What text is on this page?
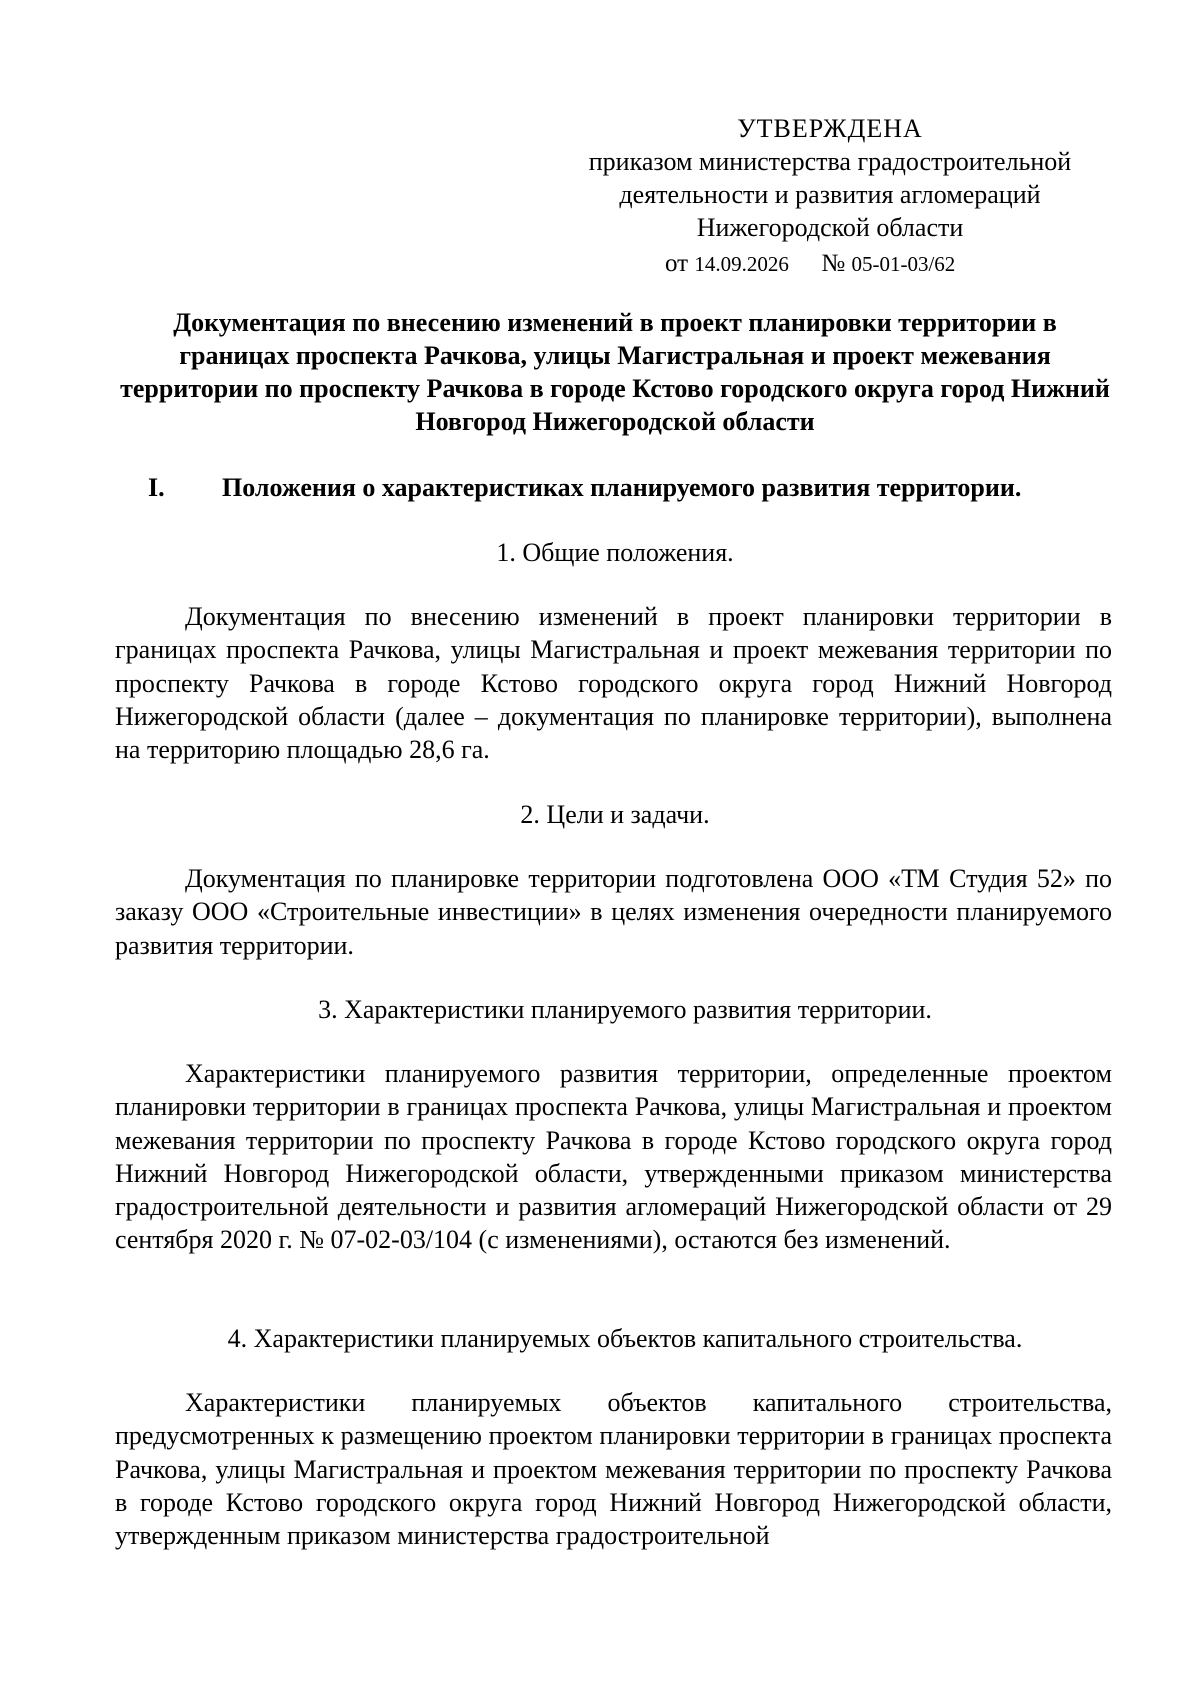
УТВЕРЖДЕНА
приказом министерства градостроительной
деятельности и развития агломераций
Нижегородской области
от 14.09.2026 № 05-01-03/62
Документация по внесению изменений в проект планировки территории в границах проспекта Рачкова, улицы Магистральная и проект межевания территории по проспекту Рачкова в городе Кстово городского округа город Нижний Новгород Нижегородской области
I. Положения о характеристиках планируемого развития территории.
1. Общие положения.

Документация по внесению изменений в проект планировки территории в границах проспекта Рачкова, улицы Магистральная и проект межевания территории по проспекту Рачкова в городе Кстово городского округа город Нижний Новгород Нижегородской области (далее – документация по планировке территории), выполнена на территорию площадью 28,6 га.

2. Цели и задачи.

Документация по планировке территории подготовлена ООО «ТМ Студия 52» по заказу ООО «Строительные инвестиции» в целях изменения очередности планируемого развития территории.

3. Характеристики планируемого развития территории.

Характеристики планируемого развития территории, определенные проектом планировки территории в границах проспекта Рачкова, улицы Магистральная и проектом межевания территории по проспекту Рачкова в городе Кстово городского округа город Нижний Новгород Нижегородской области, утвержденными приказом министерства градостроительной деятельности и развития агломераций Нижегородской области от 29 сентября 2020 г. № 07-02-03/104 (с изменениями), остаются без изменений.

4. Характеристики планируемых объектов капитального строительства.

Характеристики планируемых объектов капитального строительства, предусмотренных к размещению проектом планировки территории в границах проспекта Рачкова, улицы Магистральная и проектом межевания территории по проспекту Рачкова в городе Кстово городского округа город Нижний Новгород Нижегородской области, утвержденным приказом министерства градостроительной
